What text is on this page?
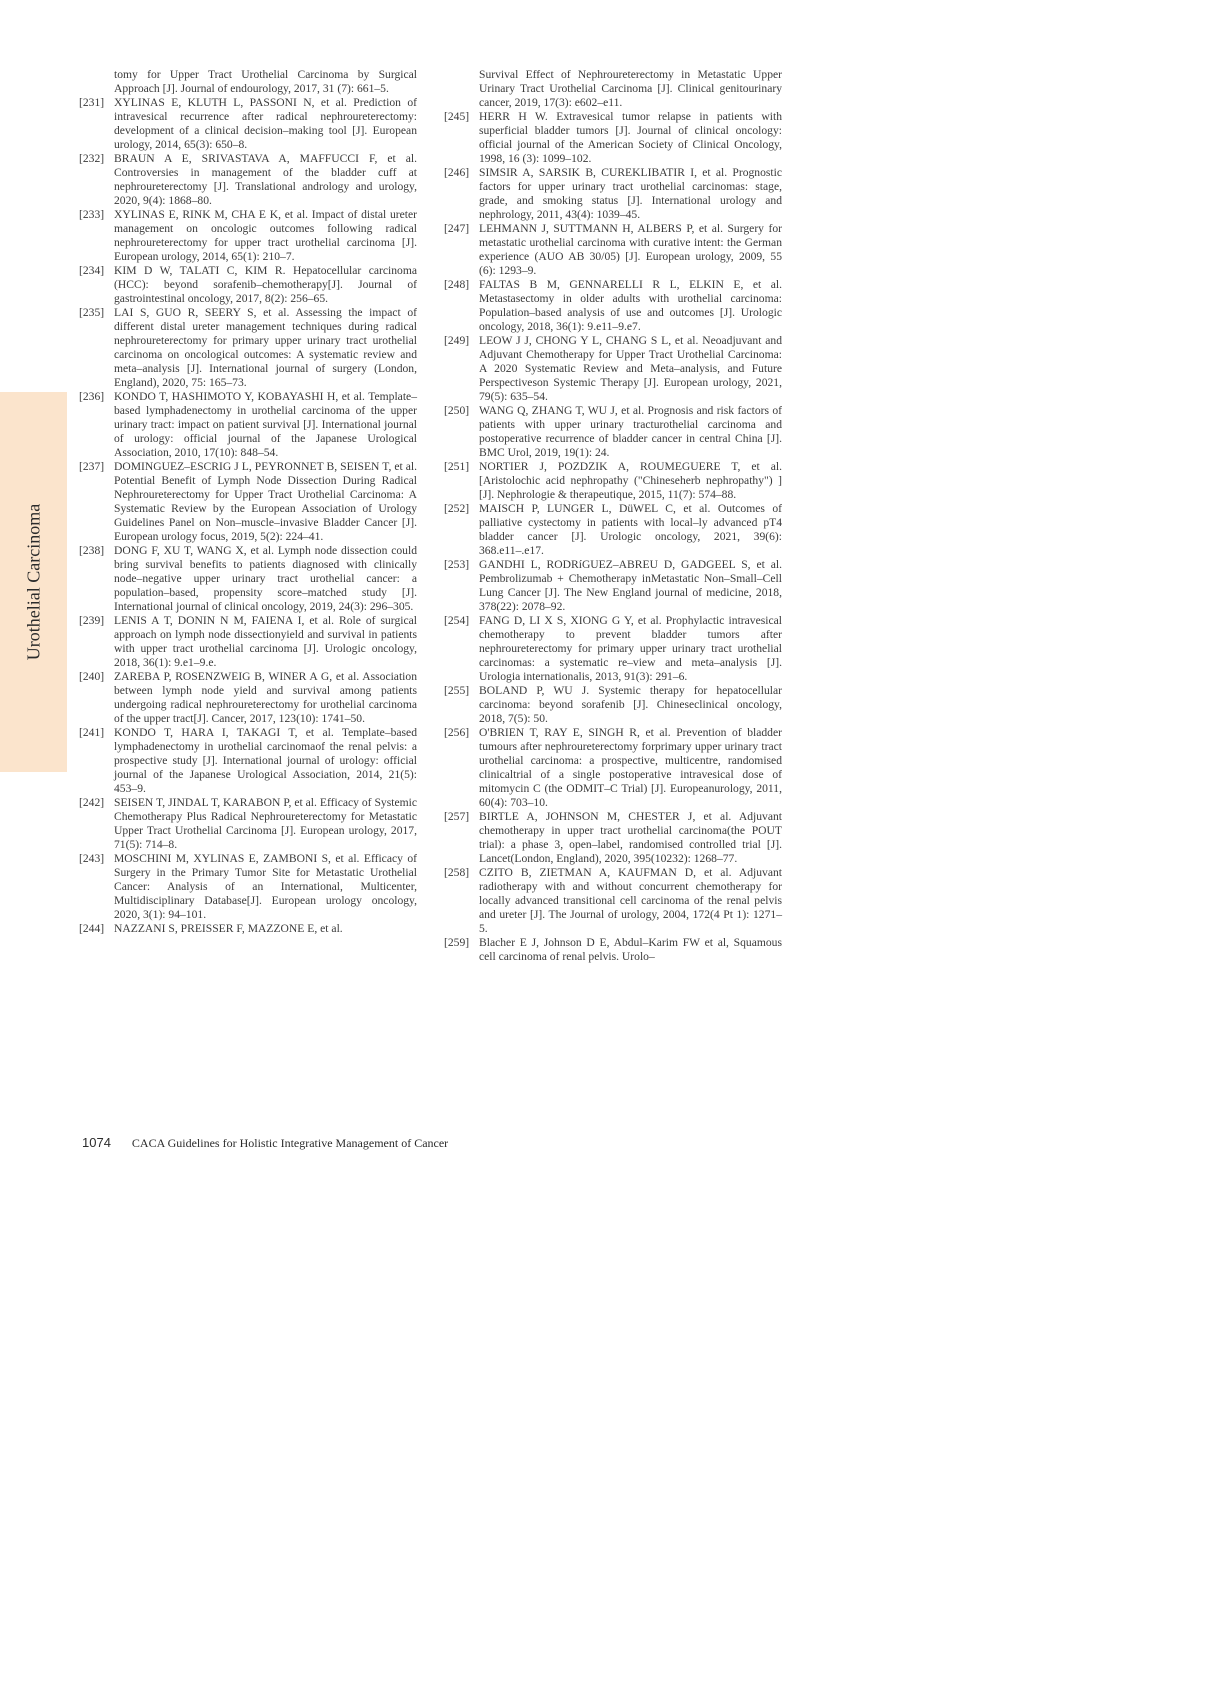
Urothelial Carcinoma

tomy for Upper Tract Urothelial Carcinoma by Surgical Approach [J]. Journal of endourology, 2017, 31 (7): 661–5.

[231] XYLINAS E, KLUTH L, PASSONI N, et al. Prediction of intravesical recurrence after radical nephroureterectomy: development of a clinical decision–making tool [J]. European urology, 2014, 65(3): 650–8.

[232] BRAUN A E, SRIVASTAVA A, MAFFUCCI F, et al. Controversies in management of the bladder cuff at nephroureterectomy [J]. Translational andrology and urology, 2020, 9(4): 1868–80.

[233] XYLINAS E, RINK M, CHA E K, et al. Impact of distal ureter management on oncologic outcomes following radical nephroureterectomy for upper tract urothelial carcinoma [J]. European urology, 2014, 65(1): 210–7.

[234] KIM D W, TALATI C, KIM R. Hepatocellular carcinoma (HCC): beyond sorafenib–chemotherapy[J]. Journal of gastrointestinal oncology, 2017, 8(2): 256–65.

[235] LAI S, GUO R, SEERY S, et al. Assessing the impact of different distal ureter management techniques during radical nephroureterectomy for primary upper urinary tract urothelial carcinoma on oncological outcomes: A systematic review and meta–analysis [J]. International journal of surgery (London, England), 2020, 75: 165–73.

[236] KONDO T, HASHIMOTO Y, KOBAYASHI H, et al. Template–based lymphadenectomy in urothelial carcinoma of the upper urinary tract: impact on patient survival [J]. International journal of urology: official journal of the Japanese Urological Association, 2010, 17(10): 848–54.

[237] DOMINGUEZ–ESCRIG J L, PEYRONNET B, SEISEN T, et al. Potential Benefit of Lymph Node Dissection During Radical Nephroureterectomy for Upper Tract Urothelial Carcinoma: A Systematic Review by the European Association of Urology Guidelines Panel on Non–muscle–invasive Bladder Cancer [J]. European urology focus, 2019, 5(2): 224–41.

[238] DONG F, XU T, WANG X, et al. Lymph node dissection could bring survival benefits to patients diagnosed with clinically node–negative upper urinary tract urothelial cancer: a population–based, propensity score–matched study [J]. International journal of clinical oncology, 2019, 24(3): 296–305.

[239] LENIS A T, DONIN N M, FAIENA I, et al. Role of surgical approach on lymph node dissectionyield and survival in patients with upper tract urothelial carcinoma [J]. Urologic oncology, 2018, 36(1): 9.e1–9.e.

[240] ZAREBA P, ROSENZWEIG B, WINER A G, et al. Association between lymph node yield and survival among patients undergoing radical nephroureterectomy for urothelial carcinoma of the upper tract[J]. Cancer, 2017, 123(10): 1741–50.

[241] KONDO T, HARA I, TAKAGI T, et al. Template–based lymphadenectomy in urothelial carcinomaof the renal pelvis: a prospective study [J]. International journal of urology: official journal of the Japanese Urological Association, 2014, 21(5): 453–9.

[242] SEISEN T, JINDAL T, KARABON P, et al. Efficacy of Systemic Chemotherapy Plus Radical Nephroureterectomy for Metastatic Upper Tract Urothelial Carcinoma [J]. European urology, 2017, 71(5): 714–8.

[243] MOSCHINI M, XYLINAS E, ZAMBONI S, et al. Efficacy of Surgery in the Primary Tumor Site for Metastatic Urothelial Cancer: Analysis of an International, Multicenter, Multidisciplinary Database[J]. European urology oncology, 2020, 3(1): 94–101.

[244] NAZZANI S, PREISSER F, MAZZONE E, et al.

Survival Effect of Nephroureterectomy in Metastatic Upper Urinary Tract Urothelial Carcinoma [J]. Clinical genitourinary cancer, 2019, 17(3): e602–e11.

[245] HERR H W. Extravesical tumor relapse in patients with superficial bladder tumors [J]. Journal of clinical oncology: official journal of the American Society of Clinical Oncology, 1998, 16 (3): 1099–102.

[246] SIMSIR A, SARSIK B, CUREKLIBATIR I, et al. Prognostic factors for upper urinary tract urothelial carcinomas: stage, grade, and smoking status [J]. International urology and nephrology, 2011, 43(4): 1039–45.

[247] LEHMANN J, SUTTMANN H, ALBERS P, et al. Surgery for metastatic urothelial carcinoma with curative intent: the German experience (AUO AB 30/05) [J]. European urology, 2009, 55 (6): 1293–9.

[248] FALTAS B M, GENNARELLI R L, ELKIN E, et al. Metastasectomy in older adults with urothelial carcinoma: Population–based analysis of use and outcomes [J]. Urologic oncology, 2018, 36(1): 9.e11–9.e7.

[249] LEOW J J, CHONG Y L, CHANG S L, et al. Neoadjuvant and Adjuvant Chemotherapy for Upper Tract Urothelial Carcinoma: A 2020 Systematic Review and Meta–analysis, and Future Perspectiveson Systemic Therapy [J]. European urology, 2021, 79(5): 635–54.

[250] WANG Q, ZHANG T, WU J, et al. Prognosis and risk factors of patients with upper urinary tracturothelial carcinoma and postoperative recurrence of bladder cancer in central China [J]. BMC Urol, 2019, 19(1): 24.

[251] NORTIER J, POZDZIK A, ROUMEGUERE T, et al. [Aristolochic acid nephropathy ("Chineseherb nephropathy") ] [J]. Nephrologie & therapeutique, 2015, 11(7): 574–88.

[252] MAISCH P, LUNGER L, DüWEL C, et al. Outcomes of palliative cystectomy in patients with local–ly advanced pT4 bladder cancer [J]. Urologic oncology, 2021, 39(6): 368.e11–.e17.

[253] GANDHI L, RODRíGUEZ–ABREU D, GADGEEL S, et al. Pembrolizumab + Chemotherapy inMetastatic Non–Small–Cell Lung Cancer [J]. The New England journal of medicine, 2018, 378(22): 2078–92.

[254] FANG D, LI X S, XIONG G Y, et al. Prophylactic intravesical chemotherapy to prevent bladder tumors after nephroureterectomy for primary upper urinary tract urothelial carcinomas: a systematic re–view and meta–analysis [J]. Urologia internationalis, 2013, 91(3): 291–6.

[255] BOLAND P, WU J. Systemic therapy for hepatocellular carcinoma: beyond sorafenib [J]. Chineseclinical oncology, 2018, 7(5): 50.

[256] O'BRIEN T, RAY E, SINGH R, et al. Prevention of bladder tumours after nephroureterectomy forprimary upper urinary tract urothelial carcinoma: a prospective, multicentre, randomised clinicaltrial of a single postoperative intravesical dose of mitomycin C (the ODMIT–C Trial) [J]. Europeanurology, 2011, 60(4): 703–10.

[257] BIRTLE A, JOHNSON M, CHESTER J, et al. Adjuvant chemotherapy in upper tract urothelial carcinoma(the POUT trial): a phase 3, open–label, randomised controlled trial [J]. Lancet(London, England), 2020, 395(10232): 1268–77.

[258] CZITO B, ZIETMAN A, KAUFMAN D, et al. Adjuvant radiotherapy with and without concurrent chemotherapy for locally advanced transitional cell carcinoma of the renal pelvis and ureter [J]. The Journal of urology, 2004, 172(4 Pt 1): 1271–5.

[259] Blacher E J, Johnson D E, Abdul–Karim FW et al, Squamous cell carcinoma of renal pelvis. Urolo–

1074 CACA Guidelines for Holistic Integrative Management of Cancer
